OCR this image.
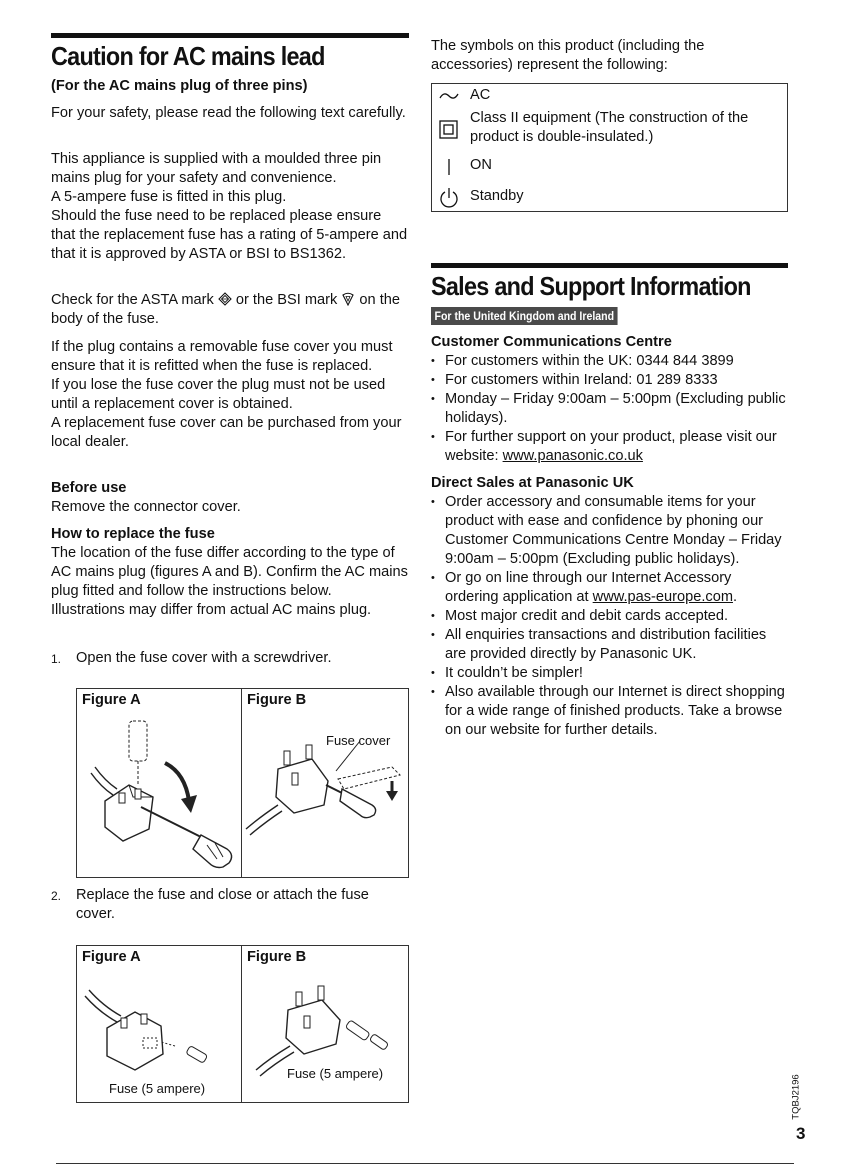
Caution for AC mains lead

(For the AC mains plug of three pins)

For your safety, please read the following text carefully.

This appliance is supplied with a moulded three pin mains plug for your safety and convenience.

A 5-ampere fuse is fitted in this plug.

Should the fuse need to be replaced please ensure that the replacement fuse has a rating of 5-ampere and that it is approved by ASTA or BSI to BS1362.

Check for the ASTA mark or the BSI mark on the body of the fuse.

If the plug contains a removable fuse cover you must ensure that it is refitted when the fuse is replaced.

If you lose the fuse cover the plug must not be used until a replacement cover is obtained.

A replacement fuse cover can be purchased from your local dealer.

Before use

Remove the connector cover.

How to replace the fuse

The location of the fuse differ according to the type of AC mains plug (figures A and B). Confirm the AC mains plug fitted and follow the instructions below.

Illustrations may differ from actual AC mains plug.

1. Open the fuse cover with a screwdriver.
Figure A	Figure B
Fuse cover
2. Replace the fuse and close or attach the fuse cover.
Figure A
Fuse (5 ampere)
Figure B
Fuse (5 ampere)

The symbols on this product (including the accessories) represent the following:

AC
Class II equipment (The construction of the product is double-insulated.)
ON
Standby
Sales and Support Information
For the United Kingdom and Ireland

Customer Communications Centre

• For customers within the UK: 0344 844 3899
• For customers within Ireland: 01 289 8333
• Monday – Friday 9:00am – 5:00pm (Excluding public holidays).
• For further support on your product, please visit our website: www.panasonic.co.uk

Direct Sales at Panasonic UK

• Order accessory and consumable items for your product with ease and confidence by phoning our Customer Communications Centre Monday – Friday 9:00am – 5:00pm (Excluding public holidays).
• Or go on line through our Internet Accessory ordering application at www.pas-europe.com.
• Most major credit and debit cards accepted.
• All enquiries transactions and distribution facilities are provided directly by Panasonic UK.
• It couldn’t be simpler!
• Also available through our Internet is direct shopping for a wide range of finished products. Take a browse on our website for further details.
TQBJ2196
3
